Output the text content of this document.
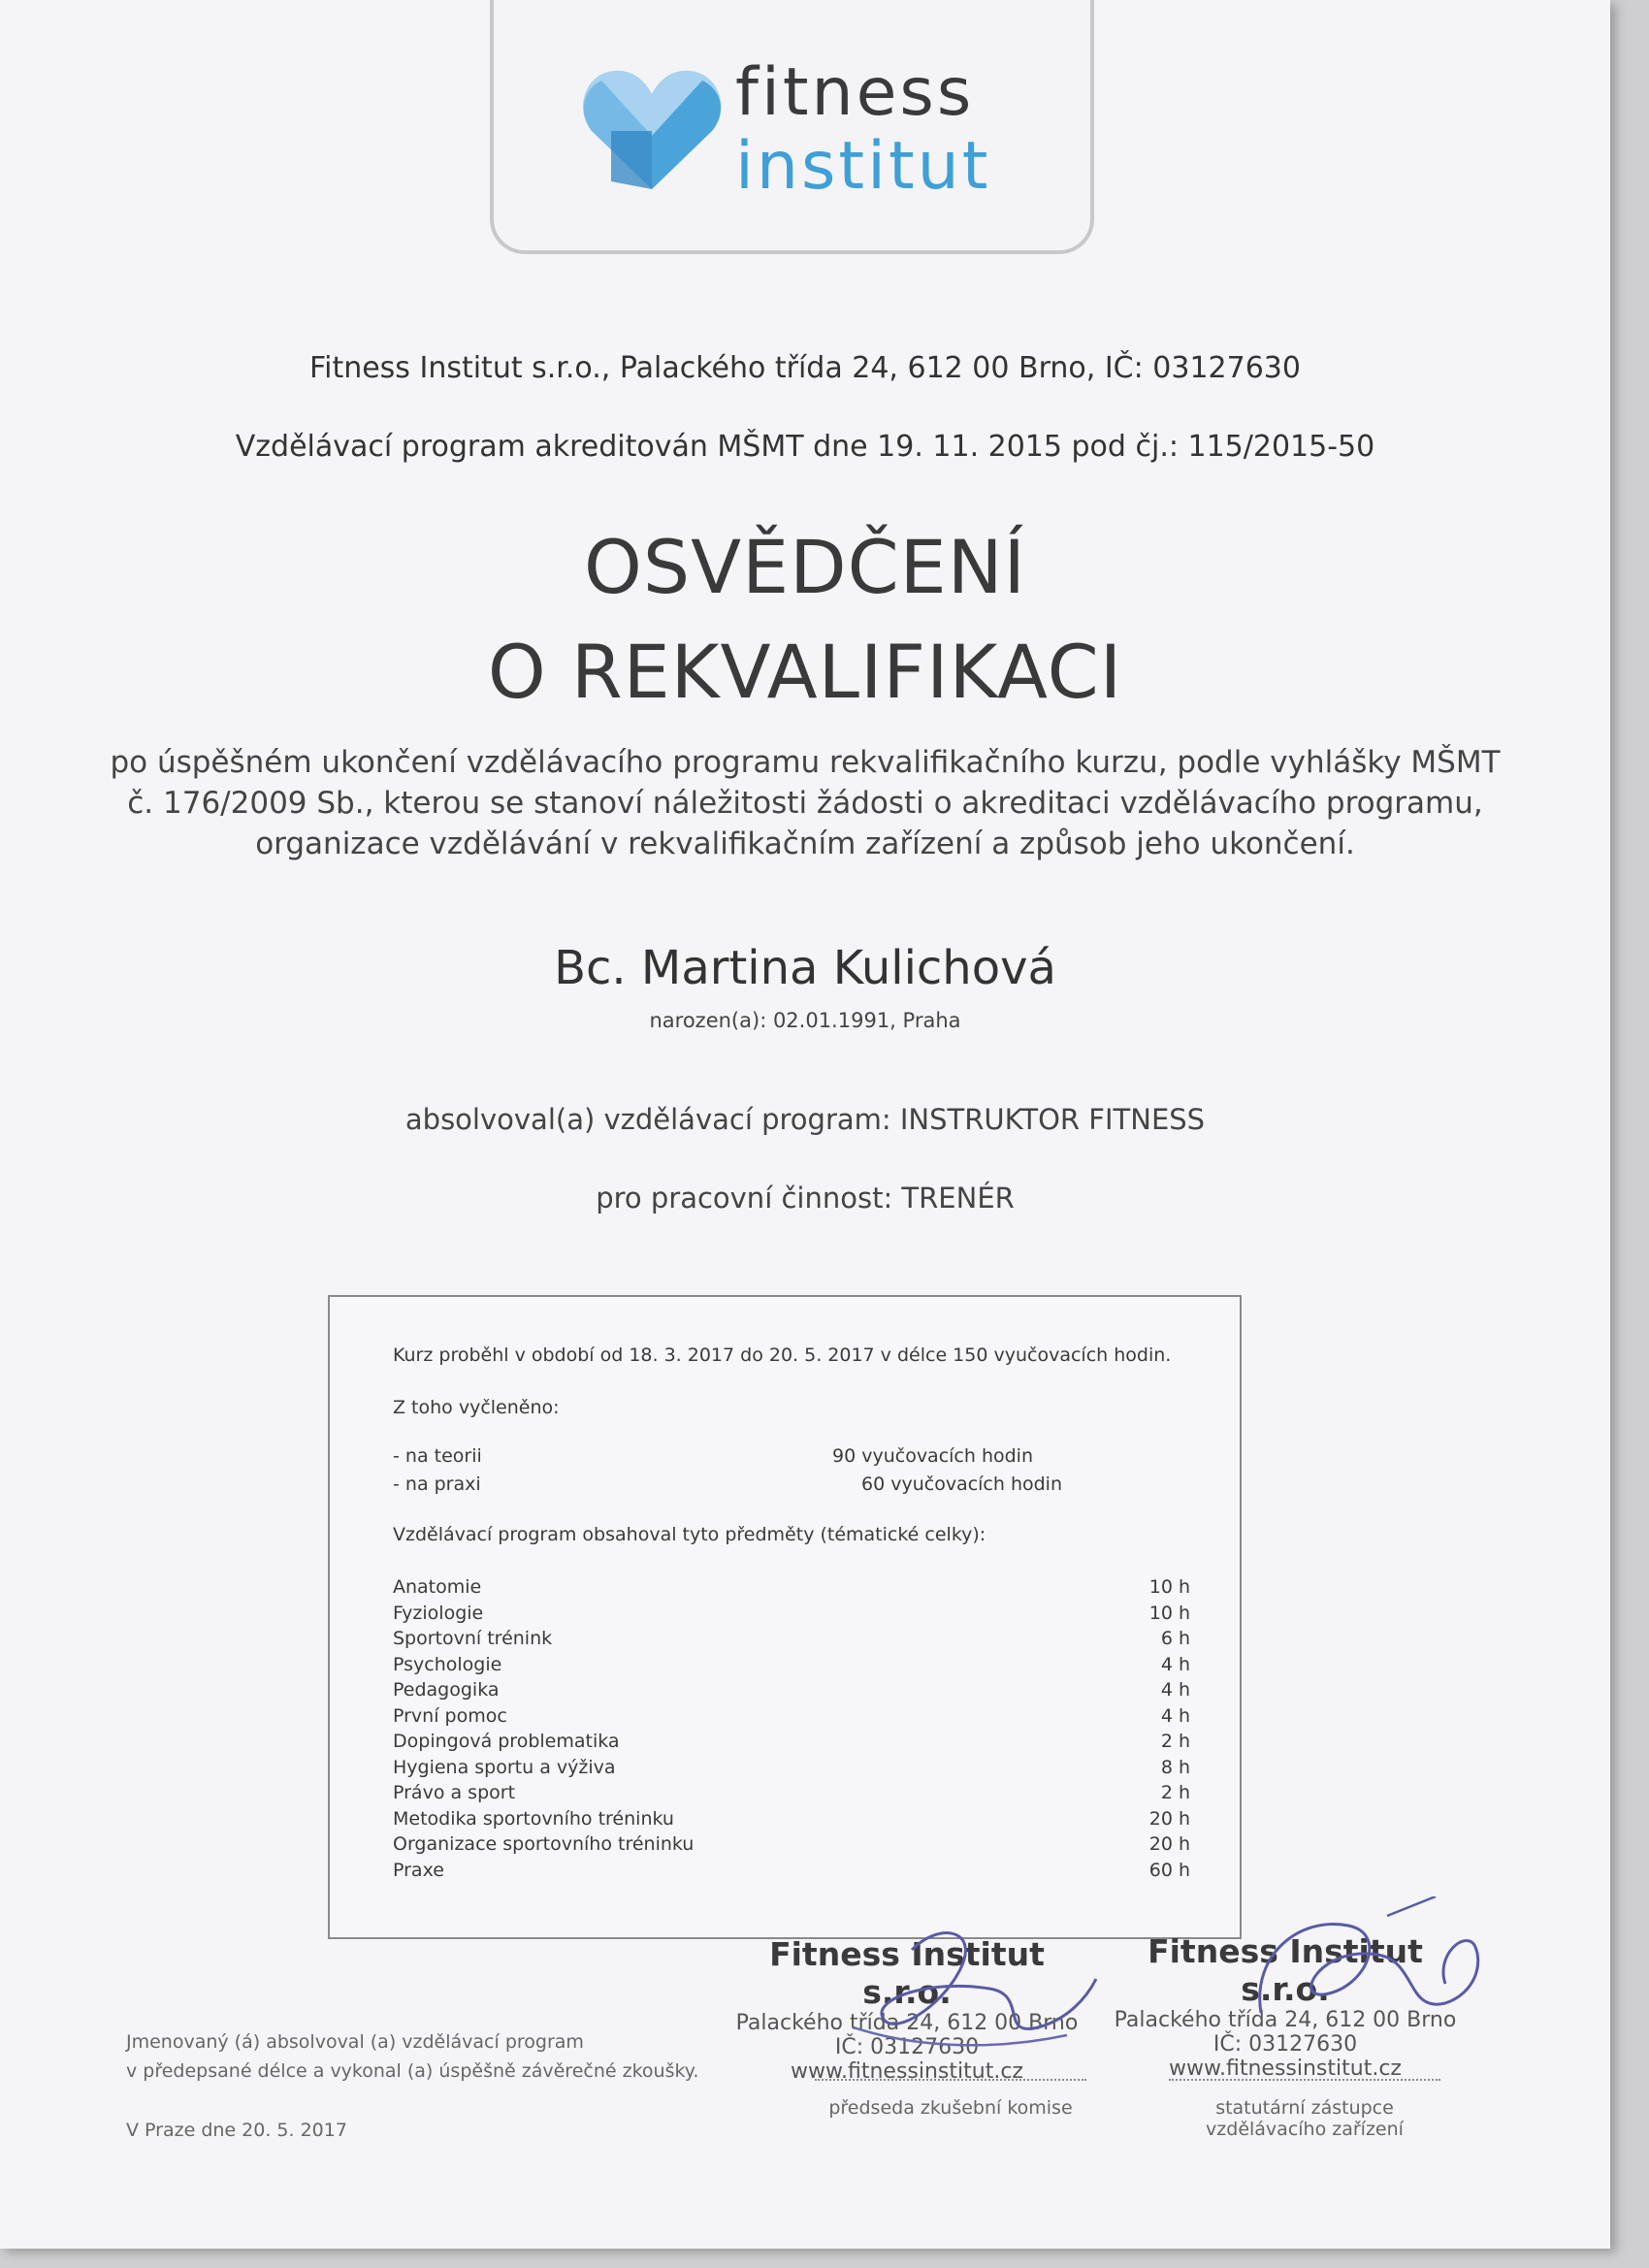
fitness
institut
Fitness Institut s.r.o., Palackého třída 24, 612 00 Brno, IČ: 03127630
Vzdělávací program akreditován MŠMT dne 19. 11. 2015 pod čj.: 115/2015-50
OSVĚDČENÍ
O REKVALIFIKACI
po úspěšném ukončení vzdělávacího programu rekvalifikačního kurzu, podle vyhlášky MŠMT
č. 176/2009 Sb., kterou se stanoví náležitosti žádosti o akreditaci vzdělávacího programu,
organizace vzdělávání v rekvalifikačním zařízení a způsob jeho ukončení.
Bc. Martina Kulichová
narozen(a): 02.01.1991, Praha
absolvoval(a) vzdělávací program: INSTRUKTOR FITNESS
pro pracovní činnost: TRENÉR
Kurz proběhl v období od 18. 3. 2017 do 20. 5. 2017 v délce 150 vyučovacích hodin.
Z toho vyčleněno:
- na teorii	90 vyučovacích hodin
- na praxi	60 vyučovacích hodin
Vzdělávací program obsahoval tyto předměty (tématické celky):
Anatomie	10 h
Fyziologie	10 h
Sportovní trénink	6 h
Psychologie	4 h
Pedagogika	4 h
První pomoc	4 h
Dopingová problematika	2 h
Hygiena sportu a výživa	8 h
Právo a sport	2 h
Metodika sportovního tréninku	20 h
Organizace sportovního tréninku	20 h
Praxe	60 h
Fitness Institut s.r.o.
Palackého třída 24, 612 00 Brno
IČ: 03127630
www.fitnessinstitut.cz
Fitness Institut s.r.o.
Palackého třída 24, 612 00 Brno
IČ: 03127630
www.fitnessinstitut.cz
předseda zkušební komise	statutární zástupce
vzdělávacího zařízení
Jmenovaný (á) absolvoval (a) vzdělávací program
v předepsané délce a vykonal (a) úspěšně závěrečné zkoušky.
V Praze dne 20. 5. 2017
